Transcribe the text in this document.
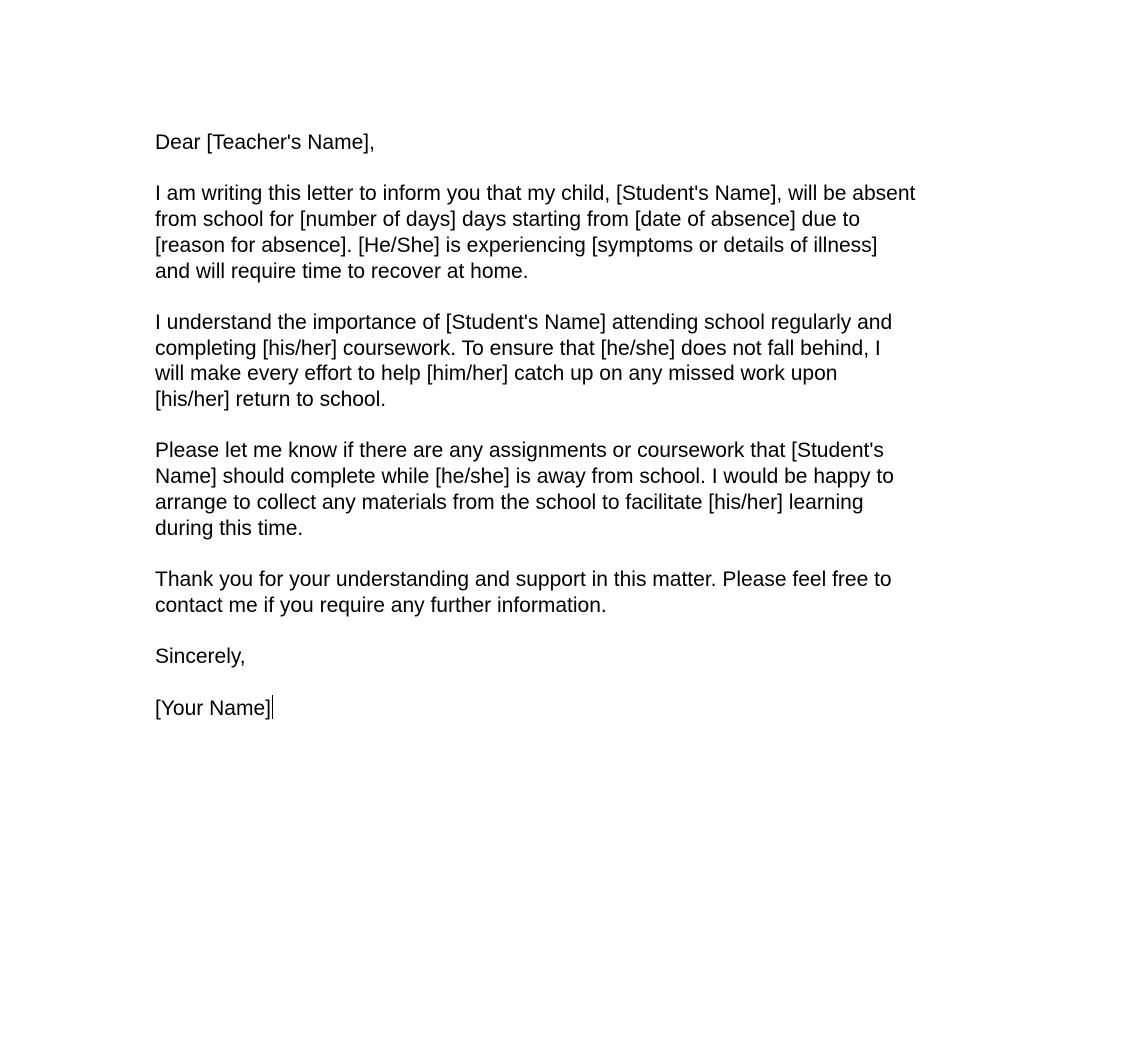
Dear [Teacher's Name],

I am writing this letter to inform you that my child, [Student's Name], will be absent
from school for [number of days] days starting from [date of absence] due to
[reason for absence]. [He/She] is experiencing [symptoms or details of illness]
and will require time to recover at home.

I understand the importance of [Student's Name] attending school regularly and
completing [his/her] coursework. To ensure that [he/she] does not fall behind, I
will make every effort to help [him/her] catch up on any missed work upon
[his/her] return to school.

Please let me know if there are any assignments or coursework that [Student's
Name] should complete while [he/she] is away from school. I would be happy to
arrange to collect any materials from the school to facilitate [his/her] learning
during this time.

Thank you for your understanding and support in this matter. Please feel free to
contact me if you require any further information.

Sincerely,

[Your Name]
